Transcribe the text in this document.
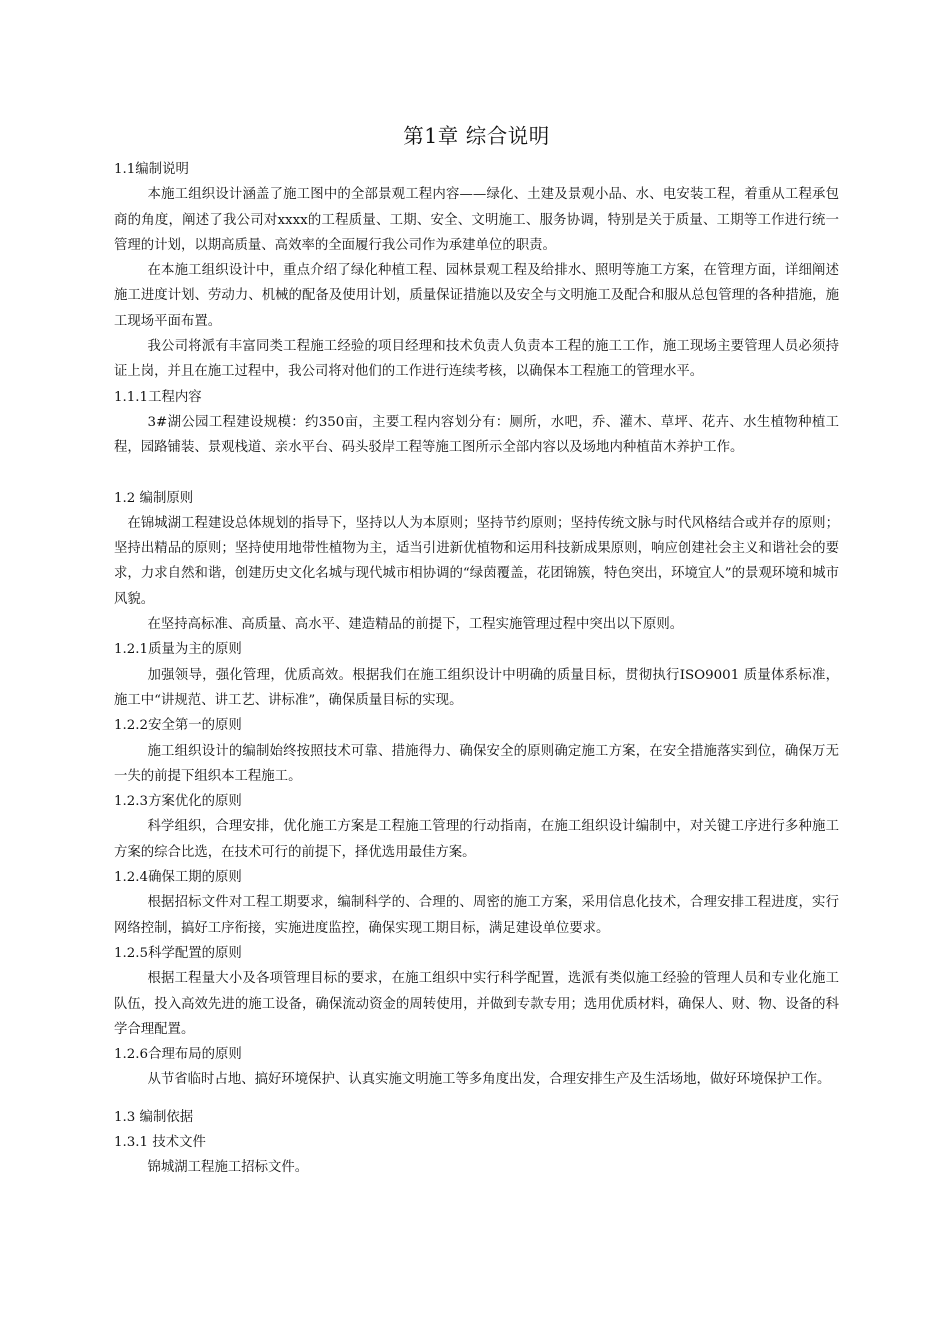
第1章 综合说明
1.1编制说明
本施工组织设计涵盖了施工图中的全部景观工程内容——绿化、土建及景观小品、水、电安装工程，着重从工程承包商的角度，阐述了我公司对xxxx的工程质量、工期、安全、文明施工、服务协调，特别是关于质量、工期等工作进行统一管理的计划，以期高质量、高效率的全面履行我公司作为承建单位的职责。
在本施工组织设计中，重点介绍了绿化种植工程、园林景观工程及给排水、照明等施工方案，在管理方面，详细阐述施工进度计划、劳动力、机械的配备及使用计划，质量保证措施以及安全与文明施工及配合和服从总包管理的各种措施，施工现场平面布置。
我公司将派有丰富同类工程施工经验的项目经理和技术负责人负责本工程的施工工作，施工现场主要管理人员必须持证上岗，并且在施工过程中，我公司将对他们的工作进行连续考核，以确保本工程施工的管理水平。
1.1.1工程内容
3#湖公园工程建设规模：约350亩，主要工程内容划分有：厕所，水吧，乔、灌木、草坪、花卉、水生植物种植工程，园路铺装、景观栈道、亲水平台、码头驳岸工程等施工图所示全部内容以及场地内种植苗木养护工作。
1.2 编制原则
在锦城湖工程建设总体规划的指导下，坚持以人为本原则；坚持节约原则；坚持传统文脉与时代风格结合或并存的原则；坚持出精品的原则；坚持使用地带性植物为主，适当引进新优植物和运用科技新成果原则，响应创建社会主义和谐社会的要求，力求自然和谐，创建历史文化名城与现代城市相协调的“绿茵覆盖，花团锦簇，特色突出，环境宜人”的景观环境和城市风貌。
在坚持高标准、高质量、高水平、建造精品的前提下，工程实施管理过程中突出以下原则。
1.2.1质量为主的原则
加强领导，强化管理，优质高效。根据我们在施工组织设计中明确的质量目标，贯彻执行ISO9001 质量体系标准，施工中“讲规范、讲工艺、讲标准”，确保质量目标的实现。
1.2.2安全第一的原则
施工组织设计的编制始终按照技术可靠、措施得力、确保安全的原则确定施工方案，在安全措施落实到位，确保万无一失的前提下组织本工程施工。
1.2.3方案优化的原则
科学组织，合理安排，优化施工方案是工程施工管理的行动指南，在施工组织设计编制中，对关键工序进行多种施工方案的综合比选，在技术可行的前提下，择优选用最佳方案。
1.2.4确保工期的原则
根据招标文件对工程工期要求，编制科学的、合理的、周密的施工方案，采用信息化技术，合理安排工程进度，实行网络控制，搞好工序衔接，实施进度监控，确保实现工期目标，满足建设单位要求。
1.2.5科学配置的原则
根据工程量大小及各项管理目标的要求，在施工组织中实行科学配置，选派有类似施工经验的管理人员和专业化施工队伍，投入高效先进的施工设备，确保流动资金的周转使用，并做到专款专用；选用优质材料，确保人、财、物、设备的科学合理配置。
1.2.6合理布局的原则
从节省临时占地、搞好环境保护、认真实施文明施工等多角度出发，合理安排生产及生活场地，做好环境保护工作。
1.3 编制依据
1.3.1 技术文件
锦城湖工程施工招标文件。
